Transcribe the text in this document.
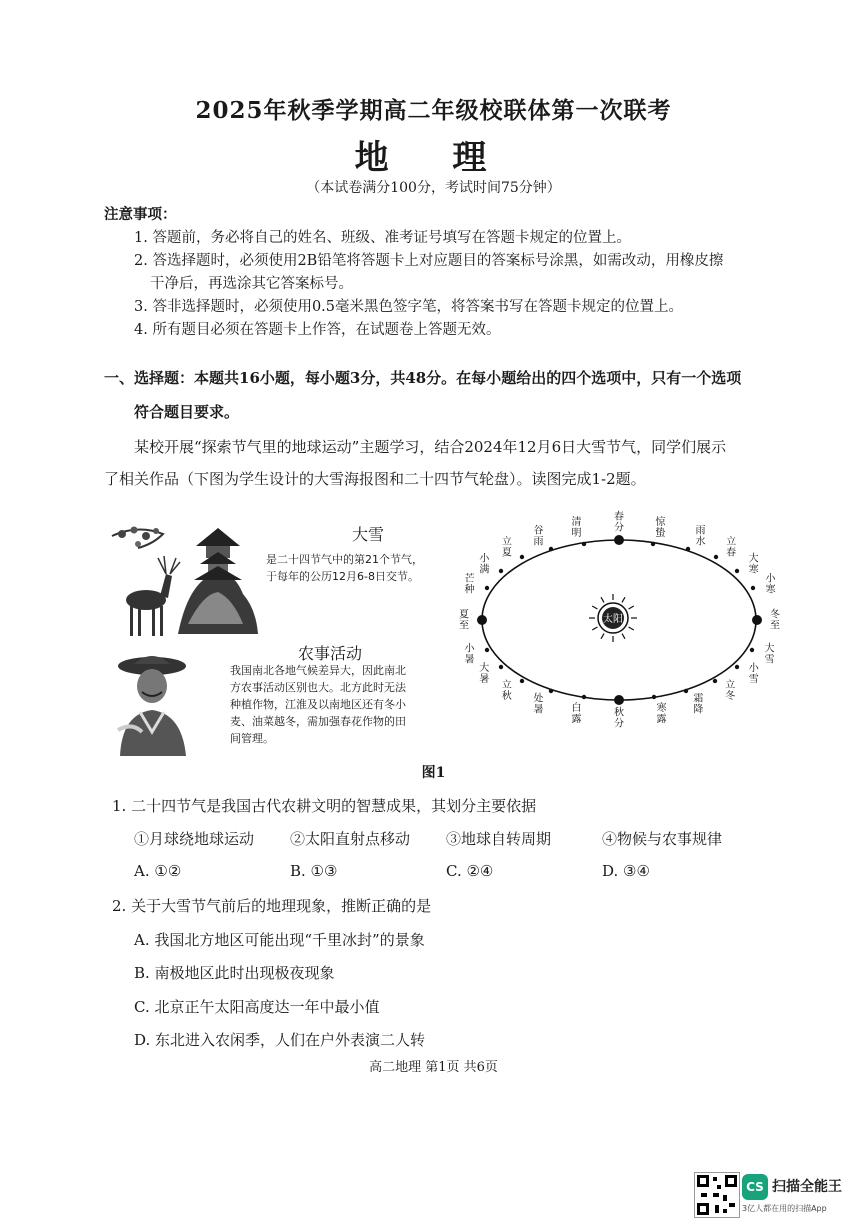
2025年秋季学期高二年级校联体第一次联考
地 理
（本试卷满分100分，考试时间75分钟）
注意事项：
1. 答题前，务必将自己的姓名、班级、准考证号填写在答题卡规定的位置上。
2. 答选择题时，必须使用2B铅笔将答题卡上对应题目的答案标号涂黑，如需改动，用橡皮擦
干净后，再选涂其它答案标号。
3. 答非选择题时，必须使用0.5毫米黑色签字笔，将答案书写在答题卡规定的位置上。
4. 所有题目必须在答题卡上作答，在试题卷上答题无效。
一、选择题：本题共16小题，每小题3分，共48分。在每小题给出的四个选项中，只有一个选项
符合题目要求。
某校开展“探索节气里的地球运动”主题学习，结合2024年12月6日大雪节气，同学们展示
了相关作品（下图为学生设计的大雪海报图和二十四节气轮盘）。读图完成1-2题。
大雪
是二十四节气中的第21个节气，
于每年的公历12月6-8日交节。
农事活动
我国南北各地气候差异大，因此南北
方农事活动区别也大。北方此时无法
种植作物，江淮及以南地区还有冬小
麦、油菜越冬，需加强春花作物的田
间管理。
太阳
春分	惊蛰	雨水 立春
大寒
小寒
冬至
大雪
小雪
立冬
霜降
寒露
秋分
白露
处暑
立秋
大暑
小暑
夏至
芒种
小满
立夏
谷雨
清明
图1
1. 二十四节气是我国古代农耕文明的智慧成果，其划分主要依据
①月球绕地球运动 ②太阳直射点移动 ③地球自转周期	④物候与农事规律
A. ①②	B. ①③	C. ②④	D. ③④
2. 关于大雪节气前后的地理现象，推断正确的是
A. 我国北方地区可能出现“千里冰封”的景象
B. 南极地区此时出现极夜现象
C. 北京正午太阳高度达一年中最小值
D. 东北进入农闲季，人们在户外表演二人转
高二地理 第1页 共6页
CS 扫描全能王
3亿人都在用的扫描App
